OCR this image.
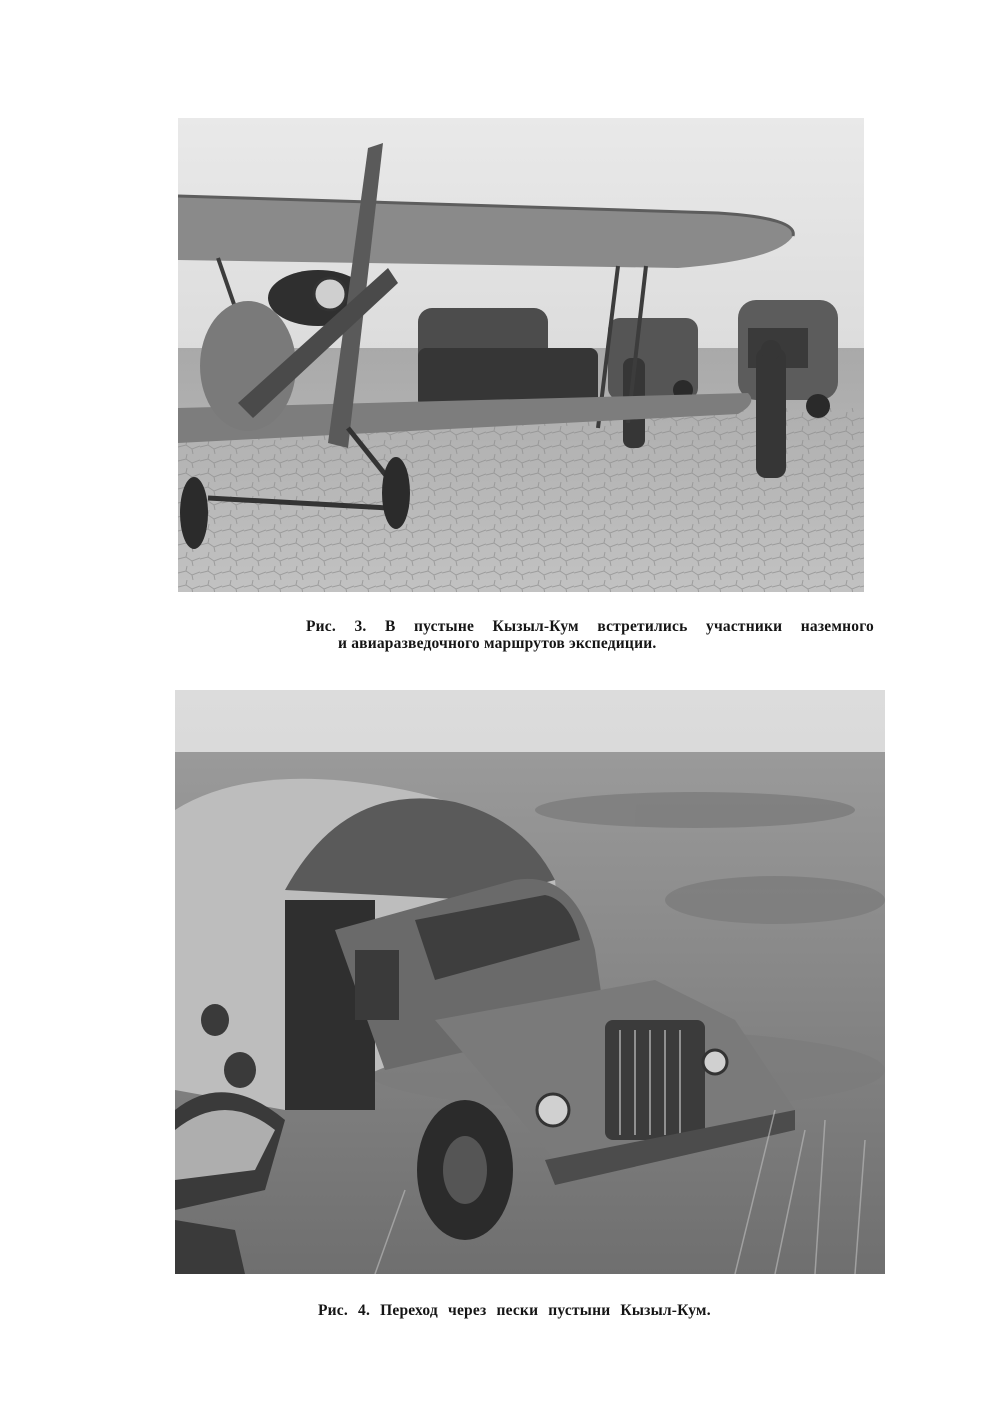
Рис. 3. В пустыне Кызыл-Кум встретились участники наземного
и авиаразведочного маршрутов экспедиции.
Рис. 4. Переход через пески пустыни Кызыл-Кум.
